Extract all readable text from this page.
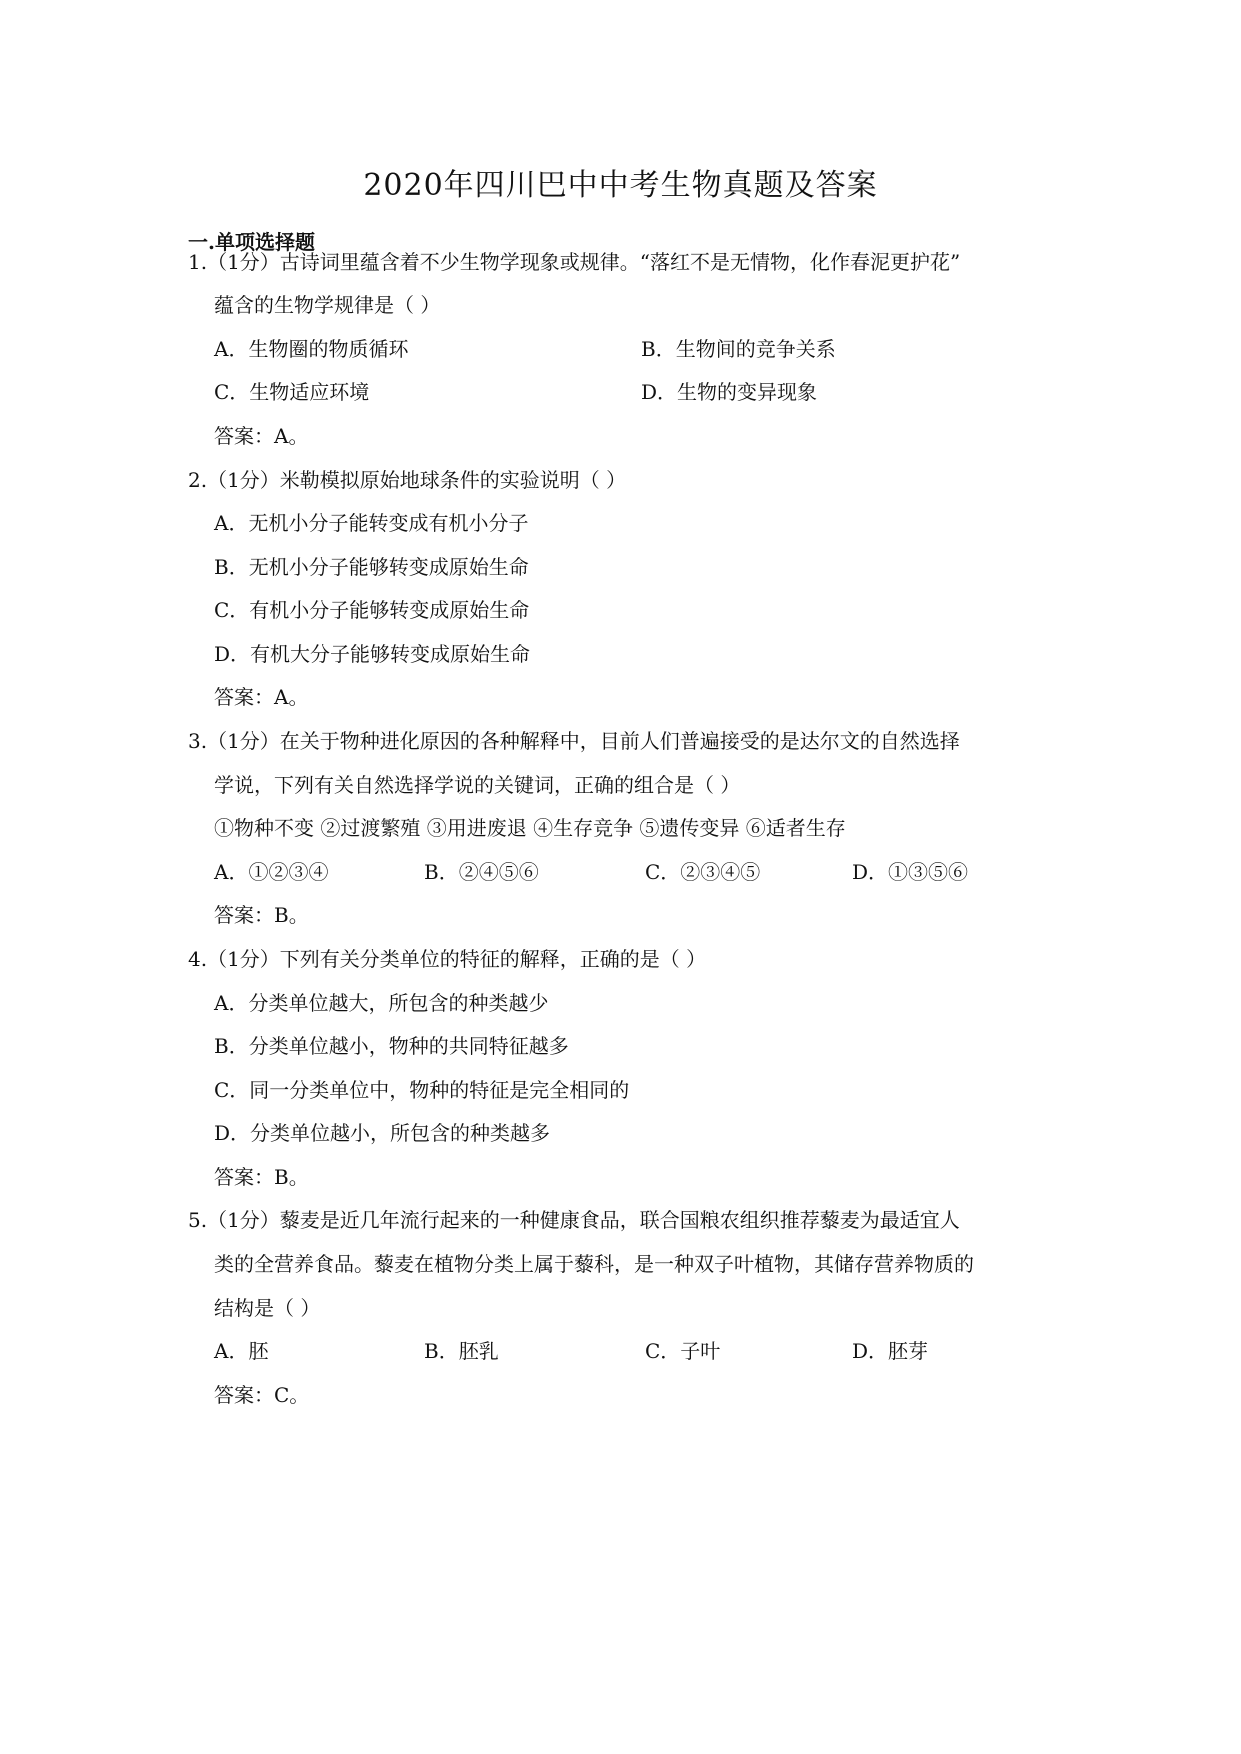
2020年四川巴中中考生物真题及答案
一.单项选择题
1.（1分）古诗词里蕴含着不少生物学现象或规律。“落红不是无情物，化作春泥更护花”
蕴含的生物学规律是（ ）
A．生物圈的物质循环	B．生物间的竞争关系
C．生物适应环境	D．生物的变异现象
答案：A。
2.（1分）米勒模拟原始地球条件的实验说明（ ）
A．无机小分子能转变成有机小分子
B．无机小分子能够转变成原始生命
C．有机小分子能够转变成原始生命
D．有机大分子能够转变成原始生命
答案：A。
3.（1分）在关于物种进化原因的各种解释中，目前人们普遍接受的是达尔文的自然选择
学说，下列有关自然选择学说的关键词，正确的组合是（ ）
①物种不变 ②过渡繁殖 ③用进废退 ④生存竞争 ⑤遗传变异 ⑥适者生存
A．①②③④	B．②④⑤⑥	C．②③④⑤	D．①③⑤⑥
答案：B。
4.（1分）下列有关分类单位的特征的解释，正确的是（ ）
A．分类单位越大，所包含的种类越少
B．分类单位越小，物种的共同特征越多
C．同一分类单位中，物种的特征是完全相同的
D．分类单位越小，所包含的种类越多
答案：B。
5.（1分）藜麦是近几年流行起来的一种健康食品，联合国粮农组织推荐藜麦为最适宜人
类的全营养食品。藜麦在植物分类上属于藜科，是一种双子叶植物，其储存营养物质的
结构是（ ）
A．胚	B．胚乳	C．子叶	D．胚芽
答案：C。
